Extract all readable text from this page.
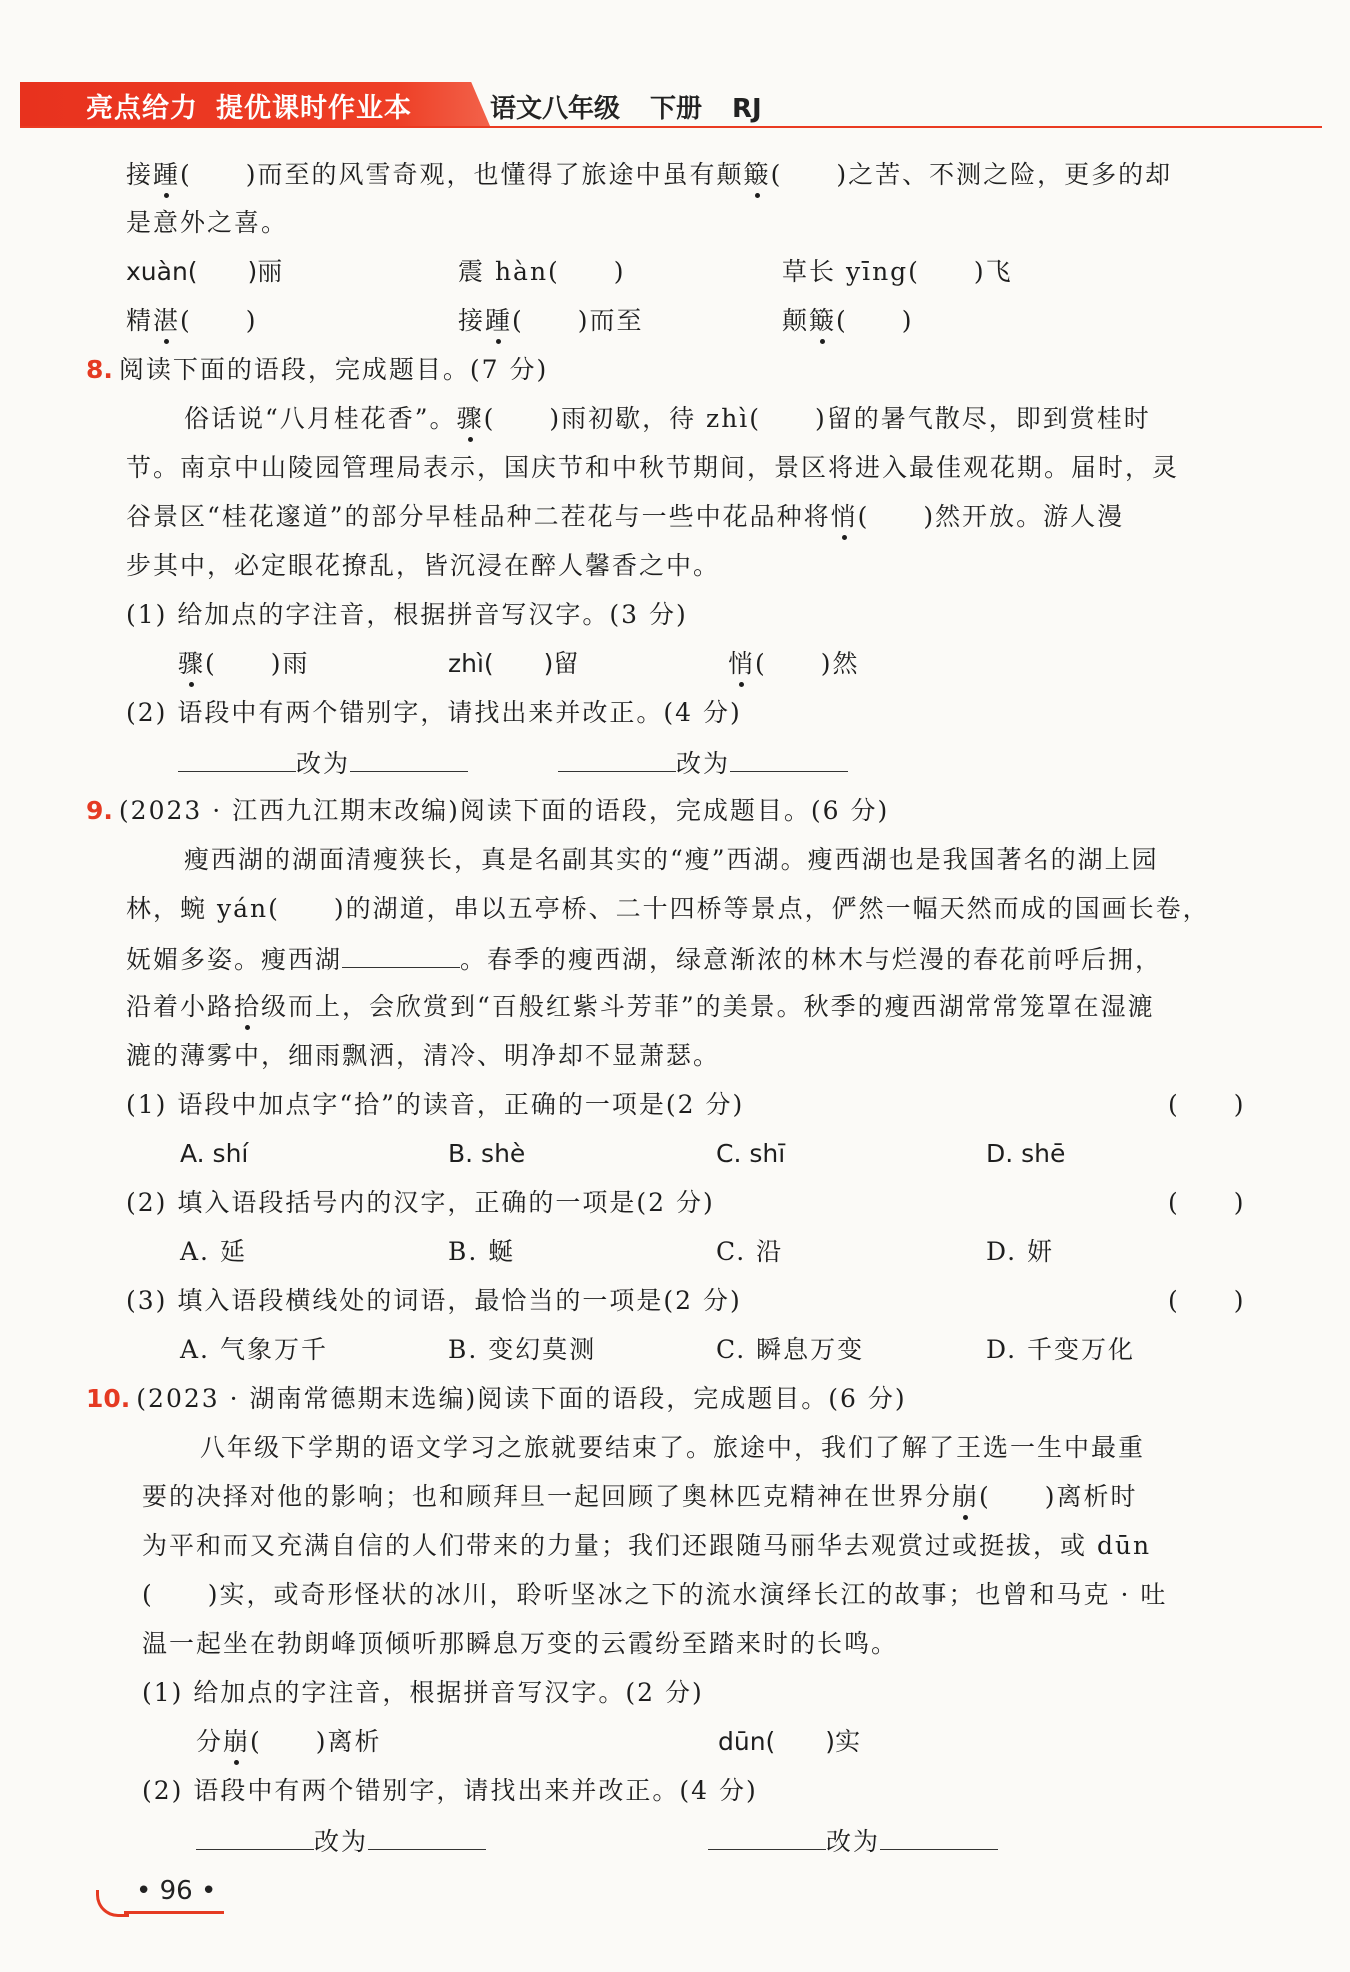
亮点给力 提优课时作业本	语文八年级 下册 RJ
接踵(　　)而至的风雪奇观，也懂得了旅途中虽有颠簸(　　)之苦、不测之险，更多的却
是意外之喜。
xuàn(　　)丽	震 hàn(　　)	草长 yīng(　　)飞
精湛(　　)	接踵(　　)而至	颠簸(　　)
8. 阅读下面的语段，完成题目。(7 分)
俗话说“八月桂花香”。骤(　　)雨初歇，待 zhì(　　)留的暑气散尽，即到赏桂时
节。南京中山陵园管理局表示，国庆节和中秋节期间，景区将进入最佳观花期。届时，灵
谷景区“桂花邃道”的部分早桂品种二茬花与一些中花品种将悄(　　)然开放。游人漫
步其中，必定眼花撩乱，皆沉浸在醉人馨香之中。
(1) 给加点的字注音，根据拼音写汉字。(3 分)
骤(　　)雨	zhì(　　)留	悄(　　)然
(2) 语段中有两个错别字，请找出来并改正。(4 分)
改为	改为
9. (2023 · 江西九江期末改编)阅读下面的语段，完成题目。(6 分)
瘦西湖的湖面清瘦狭长，真是名副其实的“瘦”西湖。瘦西湖也是我国著名的湖上园
林，蜿 yán(　　)的湖道，串以五亭桥、二十四桥等景点，俨然一幅天然而成的国画长卷，
妩媚多姿。瘦西湖	。春季的瘦西湖，绿意渐浓的林木与烂漫的春花前呼后拥，
沿着小路拾级而上，会欣赏到“百般红紫斗芳菲”的美景。秋季的瘦西湖常常笼罩在湿漉
漉的薄雾中，细雨飘洒，清冷、明净却不显萧瑟。
(1) 语段中加点字“拾”的读音，正确的一项是(2 分)	(　　)
A. shí	B. shè	C. shī	D. shē
(2) 填入语段括号内的汉字，正确的一项是(2 分)	(　　)
A. 延	B. 蜒	C. 沿	D. 妍
(3) 填入语段横线处的词语，最恰当的一项是(2 分)	(　　)
A. 气象万千	B. 变幻莫测	C. 瞬息万变	D. 千变万化
10. (2023 · 湖南常德期末选编)阅读下面的语段，完成题目。(6 分)
八年级下学期的语文学习之旅就要结束了。旅途中，我们了解了王选一生中最重
要的决择对他的影响；也和顾拜旦一起回顾了奥林匹克精神在世界分崩(　　)离析时
为平和而又充满自信的人们带来的力量；我们还跟随马丽华去观赏过或挺拔，或 dūn
(　　)实，或奇形怪状的冰川，聆听坚冰之下的流水演绎长江的故事；也曾和马克 · 吐
温一起坐在勃朗峰顶倾听那瞬息万变的云霞纷至踏来时的长鸣。
(1) 给加点的字注音，根据拼音写汉字。(2 分)
分崩(　　)离析	dūn(　　)实
(2) 语段中有两个错别字，请找出来并改正。(4 分)
改为	改为
• 96 •
